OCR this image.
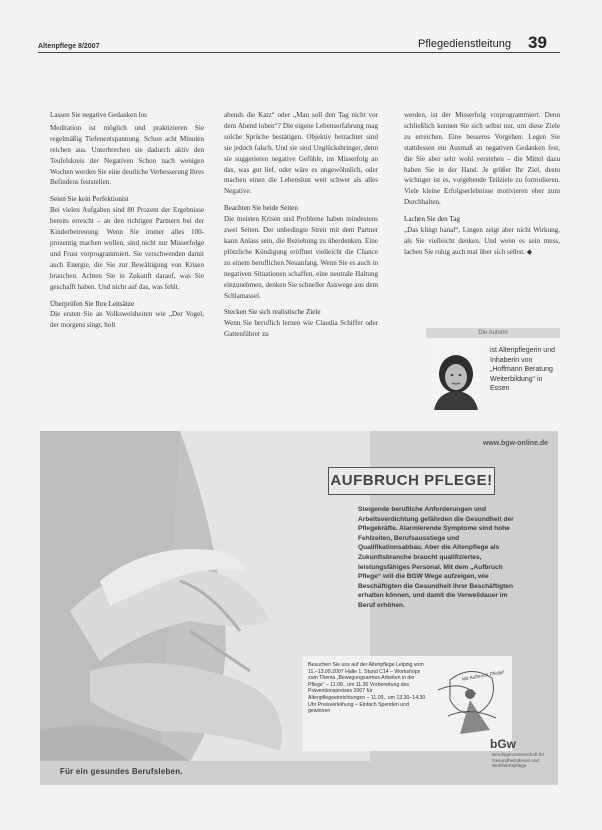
Altenpflege 8/2007	Pflegedienstleitung 39

Lassen Sie negative Gedanken los

Meditation ist möglich und praktizieren Sie regelmäßig Tiefenentspannung. Schon acht Minuten reichen aus. Unterbrechen sie dadurch aktiv den Teufelskreis der Negativen Schon nach wenigen Wochen werden Sie eine deutliche Verbesserung Ihres Befindens feststellen.

Seien Sie kein Perfektionist

Bei vielen Aufgaben sind 80 Prozent der Ergebnisse bereits erreicht – an den richtigen Partnern bei der Kinderbetreuung. Wenn Sie immer alles 100-prozentig machen wollen, sind nicht nur Misserfolge und Frust vorprogrammiert. Sie verschwenden damit auch Energie, die Sie zur Bewältigung von Krisen brauchen. Achten Sie in Zukunft darauf, was Sie geschafft haben. Und nicht auf das, was fehlt.

Überprüfen Sie Ihre Leitsätze

Die ersten Sie an Volksweisheiten wie „Der Vogel, der morgens singt, holt

abends die Katz“ oder „Man soll den Tag nicht vor dem Abend loben“? Die eigene Lebenserfahrung mag solche Sprüche bestätigen. Objektiv betrachtet sind sie jedoch falsch. Und sie sind Unglücksbringer, denn sie suggerieren negative Gefühle, im Misserfolg an das, was gut lief, oder wäre es ungewöhnlich, oder machen einen die Lebenslust weit schwer als alles Negative.

Beachten Sie beide Seiten

Die meisten Krisen und Probleme haben mindestens zwei Seiten. Der unbedingte Streit mit dem Partner kann Anlass sein, die Beziehung zu überdenken. Eine plötzliche Kündigung eröffnet vielleicht die Chance zu einem beruflichen Neuanfang. Wenn Sie es auch in negativen Situationen schaffen, eine neutrale Haltung einzunehmen, denken Sie schneller Auswege aus dem Schlamassel.

Stecken Sie sich realistische Ziele

Wenn Sie beruflich lernen wie Claudia Schiffer oder Gattenführer zu

werden, ist der Misserfolg vorprogrammiert. Denn schließlich kennen Sie sich selbst nur, um diese Ziele zu erreichen. Eine besseres Vorgehen: Legen Sie stattdessen ein Ausmaß an negativen Gedanken fest, die Sie aber sehr wohl verstehen – die Mittel dazu haben Sie in der Hand. Je größer Ihr Ziel, desto wichtiger ist es, vorgebende Teilziele zu formulieren. Viele kleine Erfolgserlebnisse motivieren eher zum Durchhalten.

Lachen Sie den Tag

„Das klingt banal“, Lingen zeigt aber nicht Wirkung, als Sie vielleicht denken. Und wenn es sein muss, lachen Sie ruhig auch mal über sich selbst. ◆

Die Autorin
ist Altenpflegerin und Inhaberin von „Hoffmann Beratung Weiterbildung“ in Essen
www.bgw-online.de
AUFBRUCH PFLEGE!
Steigende berufliche Anforderungen und Arbeitsverdichtung gefährden die Gesundheit der Pflegekräfte. Alarmierende Symptome sind hohe Fehlzeiten, Berufsausstiege und Qualifikationsabbau. Aber die Altenpflege als Zukunftsbranche braucht qualifiziertes, leistungsfähiges Personal. Mit dem „Aufbruch Pflege“ will die BGW Wege aufzeigen, wie Beschäftigten die Gesundheit ihrer Beschäftigten erhalten können, und damit die Verweildauer im Beruf erhöhen.
Besuchen Sie uns auf der Altenpflege Leipzig vom 11.–13.09.2007 Halle 1, Stand C14 – Workshops zum Thema „Bewegungsarmes Arbeiten in der Pflege“ – 11.09., um 11.30 Vorbereitung des Präventionspreises 2007 für Altenpflegeeinrichtungen – 11.09., um 13.30–14.30 Uhr Preisverleihung – Einfach Spenden und gewinnen
Mit Aufbruch Pflege!
Für ein gesundes Berufsleben.
bGw
Berufsgenossenschaft für Gesundheitsdienst und Wohlfahrtspflege
